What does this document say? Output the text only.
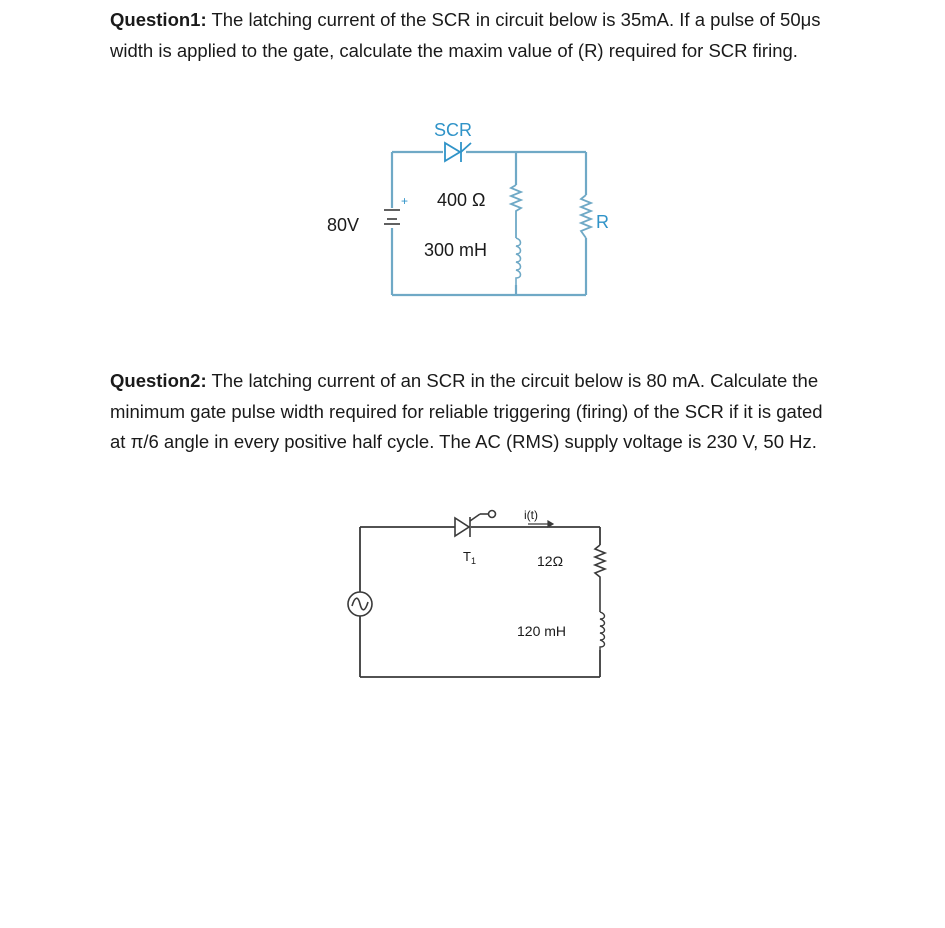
Question1: The latching current of the SCR in circuit below is 35mA. If a pulse of 50μs width is applied to the gate, calculate the maxim value of (R) required for SCR firing.
SCR
400 Ω
300 mH
80V
+
R
Question2: The latching current of an SCR in the circuit below is 80 mA. Calculate the minimum gate pulse width required for reliable triggering (firing) of the SCR if it is gated at π/6 angle in every positive half cycle. The AC (RMS) supply voltage is 230 V, 50 Hz.
i(t)
$T_1$	12Ω
120 mH
